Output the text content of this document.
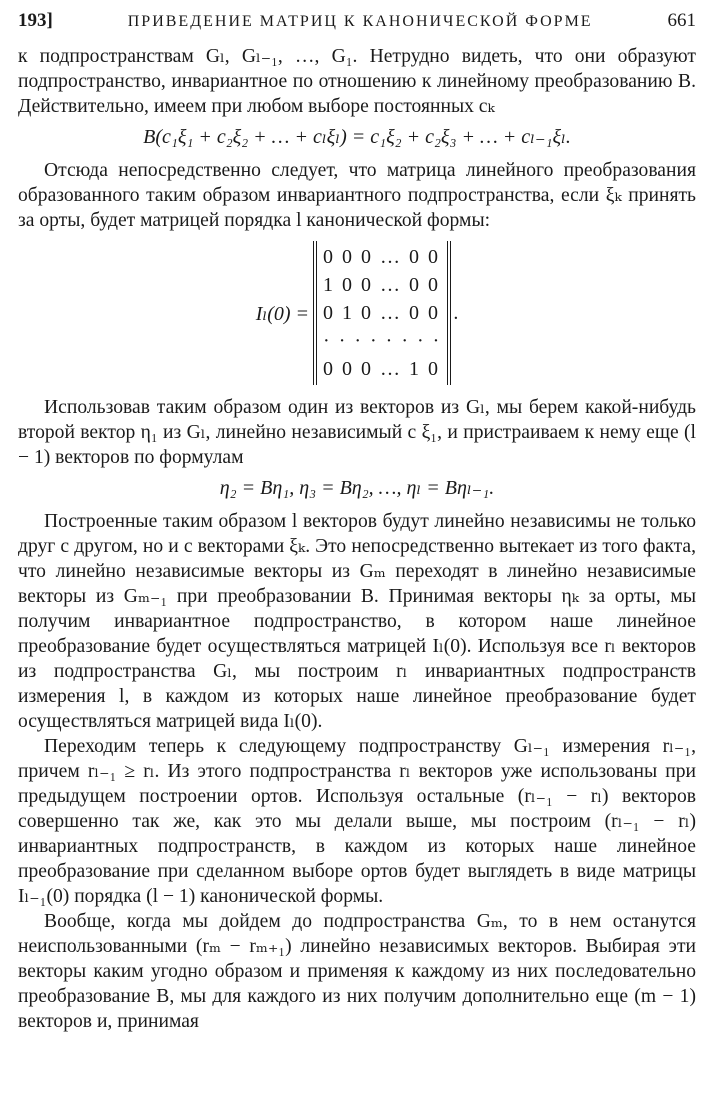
193]	ПРИВЕДЕНИЕ МАТРИЦ К КАНОНИЧЕСКОЙ ФОРМЕ	661

к подпространствам Gₗ, Gₗ₋₁, …, G₁. Нетрудно видеть, что они образуют подпространство, инвариантное по отношению к линейному преобразованию B. Действительно, имеем при любом выборе постоянных cₖ

B(c₁ξ₁ + c₂ξ₂ + … + cₗξₗ) = c₁ξ₂ + c₂ξ₃ + … + cₗ₋₁ξₗ.

Отсюда непосредственно следует, что матрица линейного преобразования образованного таким образом инвариантного подпространства, если ξₖ принять за орты, будет матрицей порядка l канонической формы:

Iₗ(0) =
0 0 0 … 0 0
1 0 0 … 0 0
0 1 0 … 0 0
· · · · · · · ·
0 0 0 … 1 0
.

Использовав таким образом один из векторов из Gₗ, мы берем какой-нибудь второй вектор η₁ из Gₗ, линейно независимый с ξ₁, и пристраиваем к нему еще (l − 1) векторов по формулам

η₂ = Bη₁, η₃ = Bη₂, …, ηₗ = Bηₗ₋₁.

Построенные таким образом l векторов будут линейно независимы не только друг с другом, но и с векторами ξₖ. Это непосредственно вытекает из того факта, что линейно независимые векторы из Gₘ переходят в линейно независимые векторы из Gₘ₋₁ при преобразовании B. Принимая векторы ηₖ за орты, мы получим инвариантное подпространство, в котором наше линейное преобразование будет осуществляться матрицей Iₗ(0). Используя все rₗ векторов из подпространства Gₗ, мы построим rₗ инвариантных подпространств измерения l, в каждом из которых наше линейное преобразование будет осуществляться матрицей вида Iₗ(0).

Переходим теперь к следующему подпространству Gₗ₋₁ измерения rₗ₋₁, причем rₗ₋₁ ≥ rₗ. Из этого подпространства rₗ векторов уже использованы при предыдущем построении ортов. Используя остальные (rₗ₋₁ − rₗ) векторов совершенно так же, как это мы делали выше, мы построим (rₗ₋₁ − rₗ) инвариантных подпространств, в каждом из которых наше линейное преобразование при сделанном выборе ортов будет выглядеть в виде матрицы Iₗ₋₁(0) порядка (l − 1) канонической формы.

Вообще, когда мы дойдем до подпространства Gₘ, то в нем останутся неиспользованными (rₘ − rₘ₊₁) линейно независимых векторов. Выбирая эти векторы каким угодно образом и применяя к каждому из них последовательно преобразование B, мы для каждого из них получим дополнительно еще (m − 1) векторов и, принимая
